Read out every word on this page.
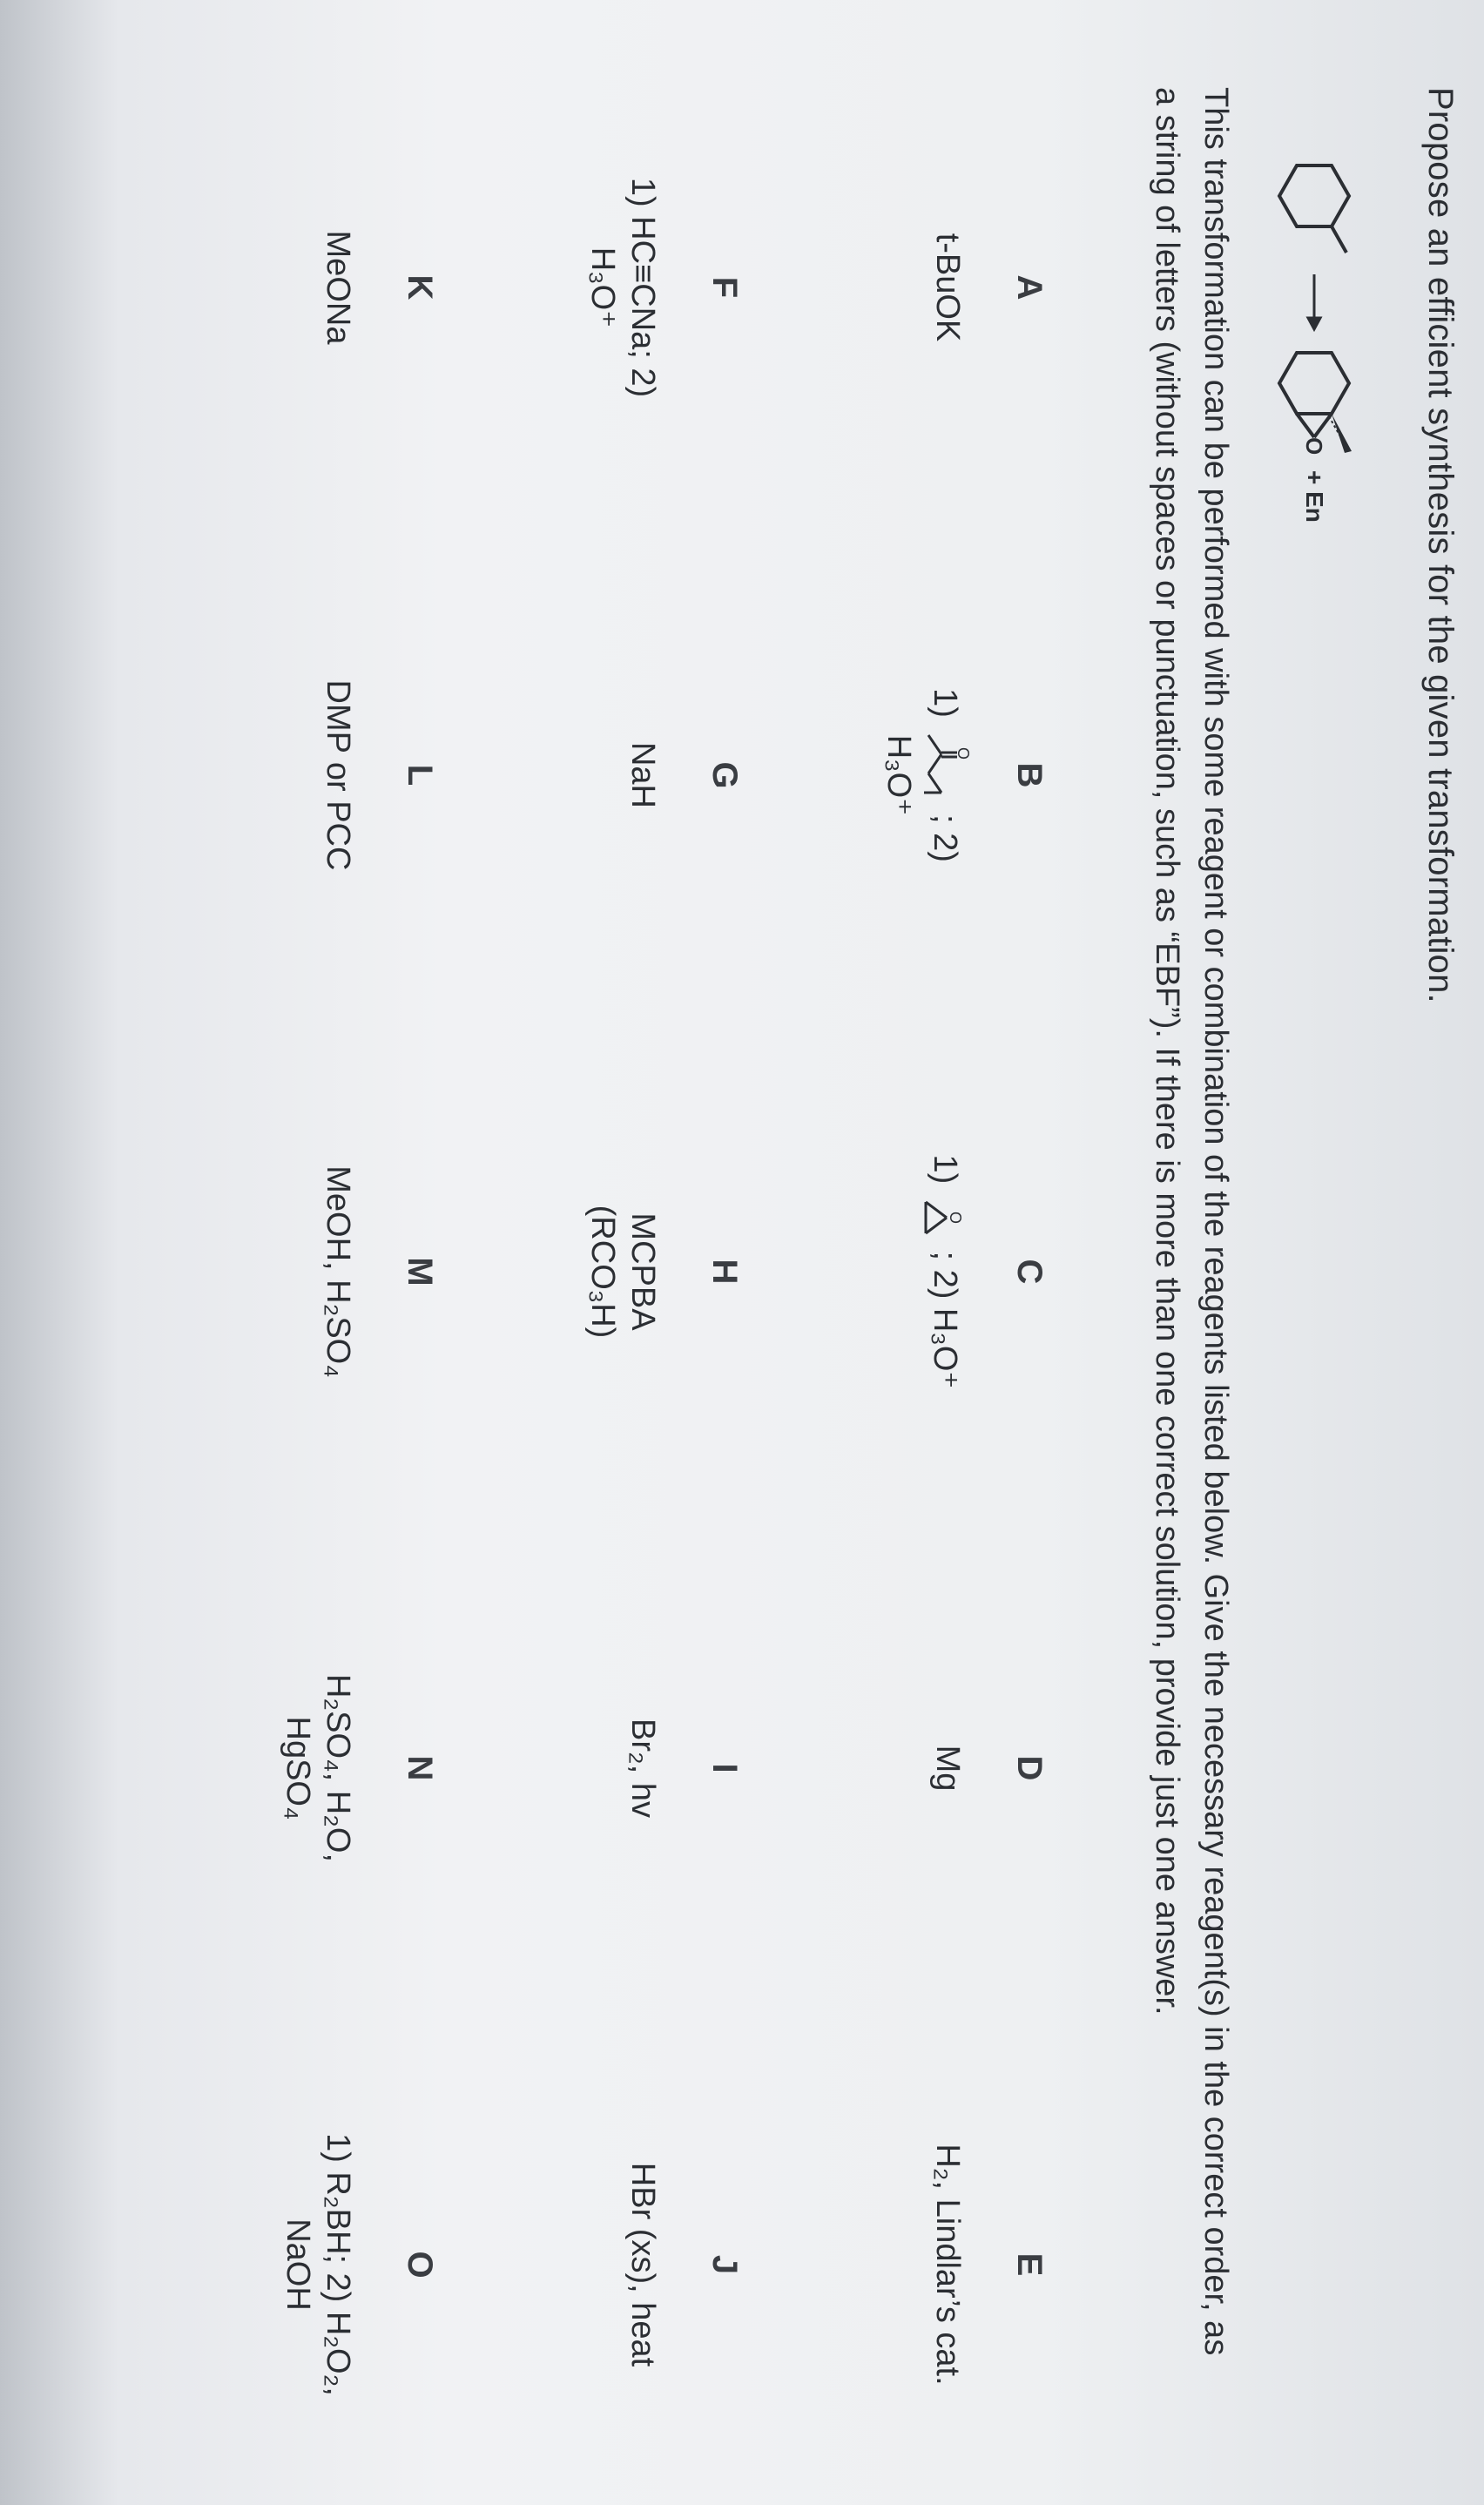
Propose an efficient synthesis for the given transformation.
O
+ En

This transformation can be performed with some reagent or combination of the reagents listed below. Give the necessary reagent(s) in the correct order, as a string of letters (without spaces or punctuation, such as “EBF”). If there is more than one correct solution, provide just one answer.

A
t-BuOK
B
1)
O
; 2)
H₃O⁺
C
1)
O
; 2) H₃O⁺
D
Mg
E
H₂, Lindlar’s cat.
F
1) HC≡CNa; 2)
H₃O⁺
G
NaH
H
MCPBA
(RCO₃H)
I
Br₂, hv
J
HBr (xs), heat
K
MeONa
L
DMP or PCC
M
MeOH, H₂SO₄
N
H₂SO₄, H₂O,
HgSO₄
O
1) R₂BH; 2) H₂O₂,
NaOH
